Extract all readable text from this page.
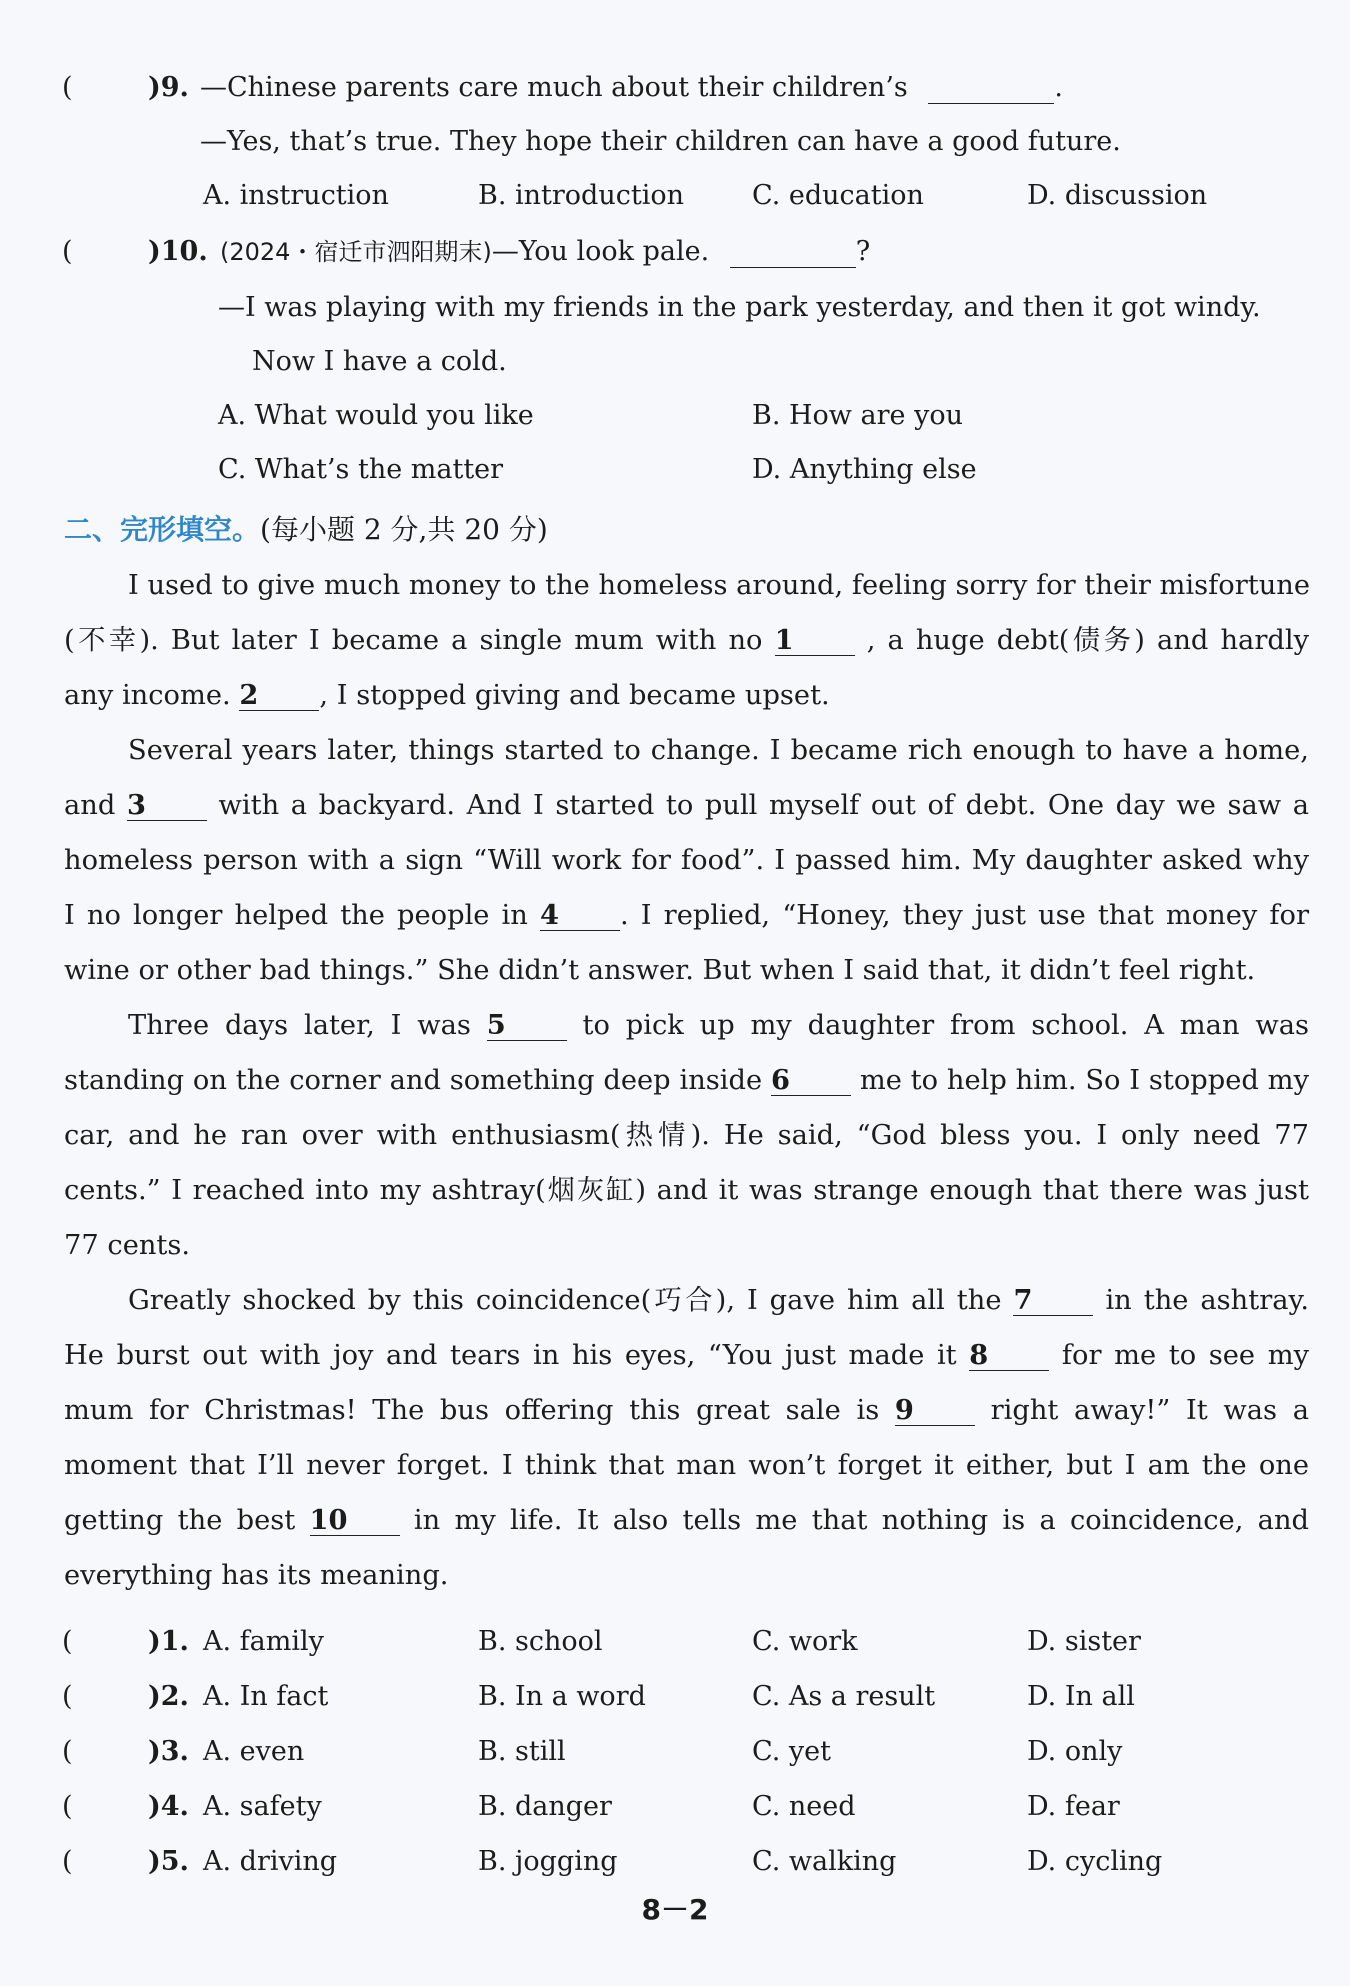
(	)9. —Chinese parents care much about their children’s	.
—Yes, that’s true. They hope their children can have a good future.
A. instruction	B. introduction	C. education	D. discussion
(	)10. (2024・宿迁市泗阳期末)—You look pale.	?
—I was playing with my friends in the park yesterday, and then it got windy.
Now I have a cold.
A. What would you like	B. How are you
C. What’s the matter	D. Anything else
二、完形填空。(每小题 2 分,共 20 分)
I used to give much money to the homeless around, feeling sorry for their misfortune
(不幸). But later I became a single mum with no 1	, a huge debt(债务) and hardly
any income. 2 , I stopped giving and became upset.
Several years later, things started to change. I became rich enough to have a home,
and 3	with a backyard. And I started to pull myself out of debt. One day we saw a
homeless person with a sign “Will work for food”. I passed him. My daughter asked why
I no longer helped the people in 4 . I replied, “Honey, they just use that money for
wine or other bad things.” She didn’t answer. But when I said that, it didn’t feel right.
Three days later, I was 5	to pick up my daughter from school. A man was
standing on the corner and something deep inside 6	me to help him. So I stopped my
car, and he ran over with enthusiasm(热情). He said, “God bless you. I only need 77
cents.” I reached into my ashtray(烟灰缸) and it was strange enough that there was just
77 cents.
Greatly shocked by this coincidence(巧合), I gave him all the 7	in the ashtray.
He burst out with joy and tears in his eyes, “You just made it 8	for me to see my
mum for Christmas! The bus offering this great sale is 9	right away!” It was a
moment that I’ll never forget. I think that man won’t forget it either, but I am the one
getting the best 10 in my life. It also tells me that nothing is a coincidence, and
everything has its meaning.
(	)1. A. family	B. school	C. work	D. sister
(	)2. A. In fact	B. In a word	C. As a result	D. In all
(	)3. A. even	B. still	C. yet	D. only
(	)4. A. safety	B. danger	C. need	D. fear
(	)5. A. driving	B. jogging	C. walking	D. cycling
8－2
